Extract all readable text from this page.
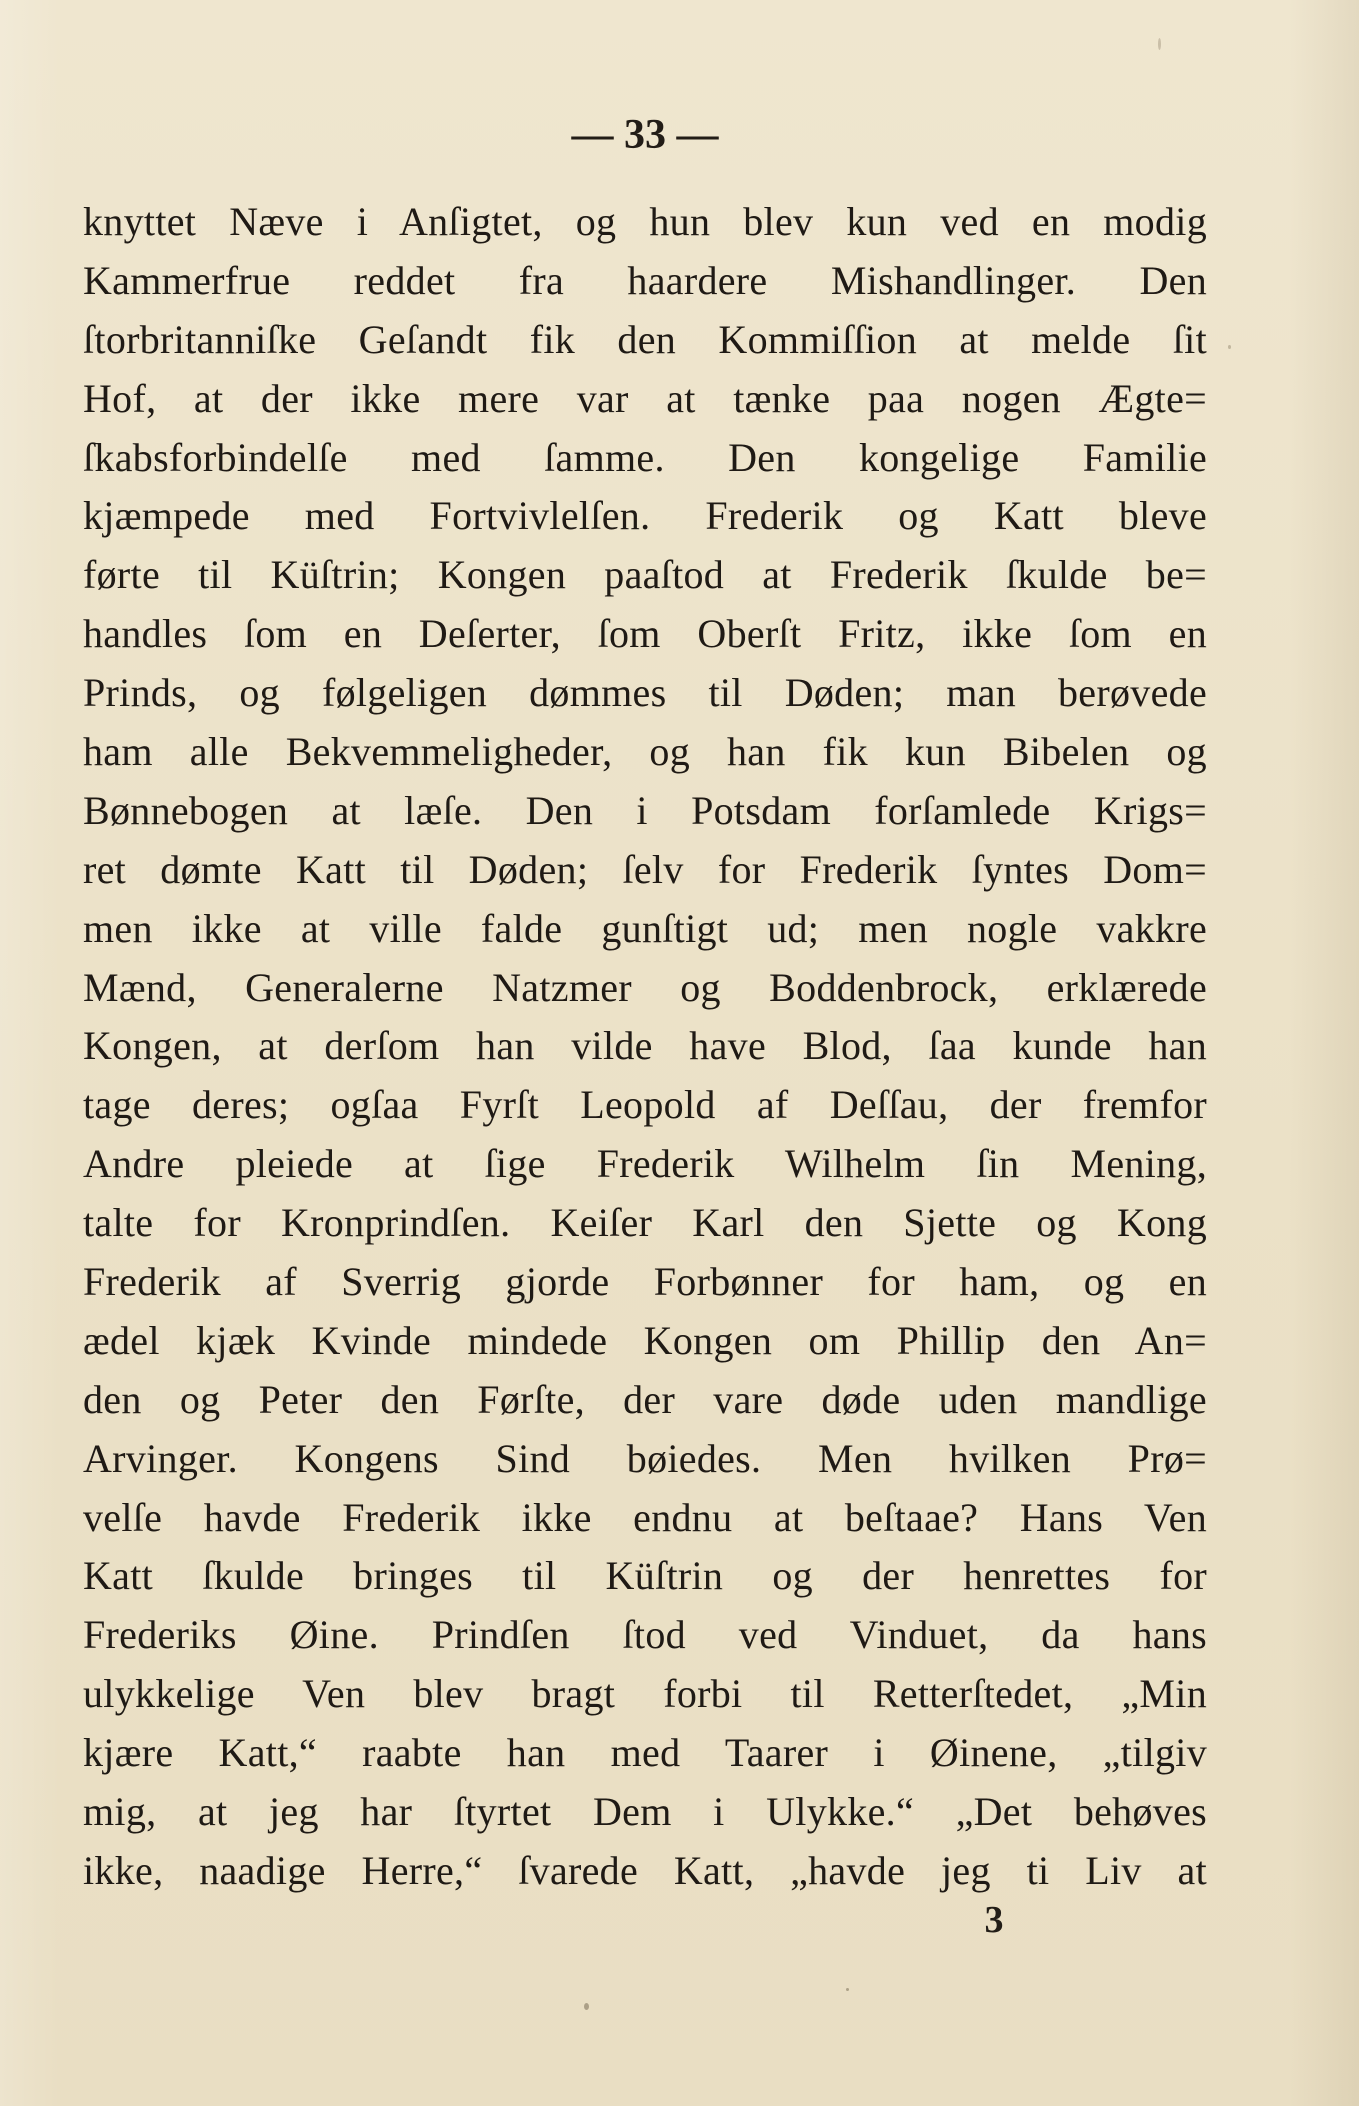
— 33 —
knyttet Næve i Anſigtet, og hun blev kun ved en modig
Kammerfrue reddet fra haardere Mishandlinger. Den
ſtorbritanniſke Geſandt fik den Kommiſſion at melde ſit
Hof, at der ikke mere var at tænke paa nogen Ægte=
ſkabsforbindelſe med ſamme. Den kongelige Familie
kjæmpede med Fortvivlelſen. Frederik og Katt bleve
førte til Küſtrin; Kongen paaſtod at Frederik ſkulde be=
handles ſom en Deſerter, ſom Oberſt Fritz, ikke ſom en
Prinds, og følgeligen dømmes til Døden; man berøvede
ham alle Bekvemmeligheder, og han fik kun Bibelen og
Bønnebogen at læſe. Den i Potsdam forſamlede Krigs=
ret dømte Katt til Døden; ſelv for Frederik ſyntes Dom=
men ikke at ville falde gunſtigt ud; men nogle vakkre
Mænd, Generalerne Natzmer og Boddenbrock, erklærede
Kongen, at derſom han vilde have Blod, ſaa kunde han
tage deres; ogſaa Fyrſt Leopold af Deſſau, der fremfor
Andre pleiede at ſige Frederik Wilhelm ſin Mening,
talte for Kronprindſen. Keiſer Karl den Sjette og Kong
Frederik af Sverrig gjorde Forbønner for ham, og en
ædel kjæk Kvinde mindede Kongen om Phillip den An=
den og Peter den Førſte, der vare døde uden mandlige
Arvinger. Kongens Sind bøiedes. Men hvilken Prø=
velſe havde Frederik ikke endnu at beſtaae? Hans Ven
Katt ſkulde bringes til Küſtrin og der henrettes for
Frederiks Øine. Prindſen ſtod ved Vinduet, da hans
ulykkelige Ven blev bragt forbi til Retterſtedet, „Min
kjære Katt,“ raabte han med Taarer i Øinene, „tilgiv
mig, at jeg har ſtyrtet Dem i Ulykke.“ „Det behøves
ikke, naadige Herre,“ ſvarede Katt, „havde jeg ti Liv at
3
